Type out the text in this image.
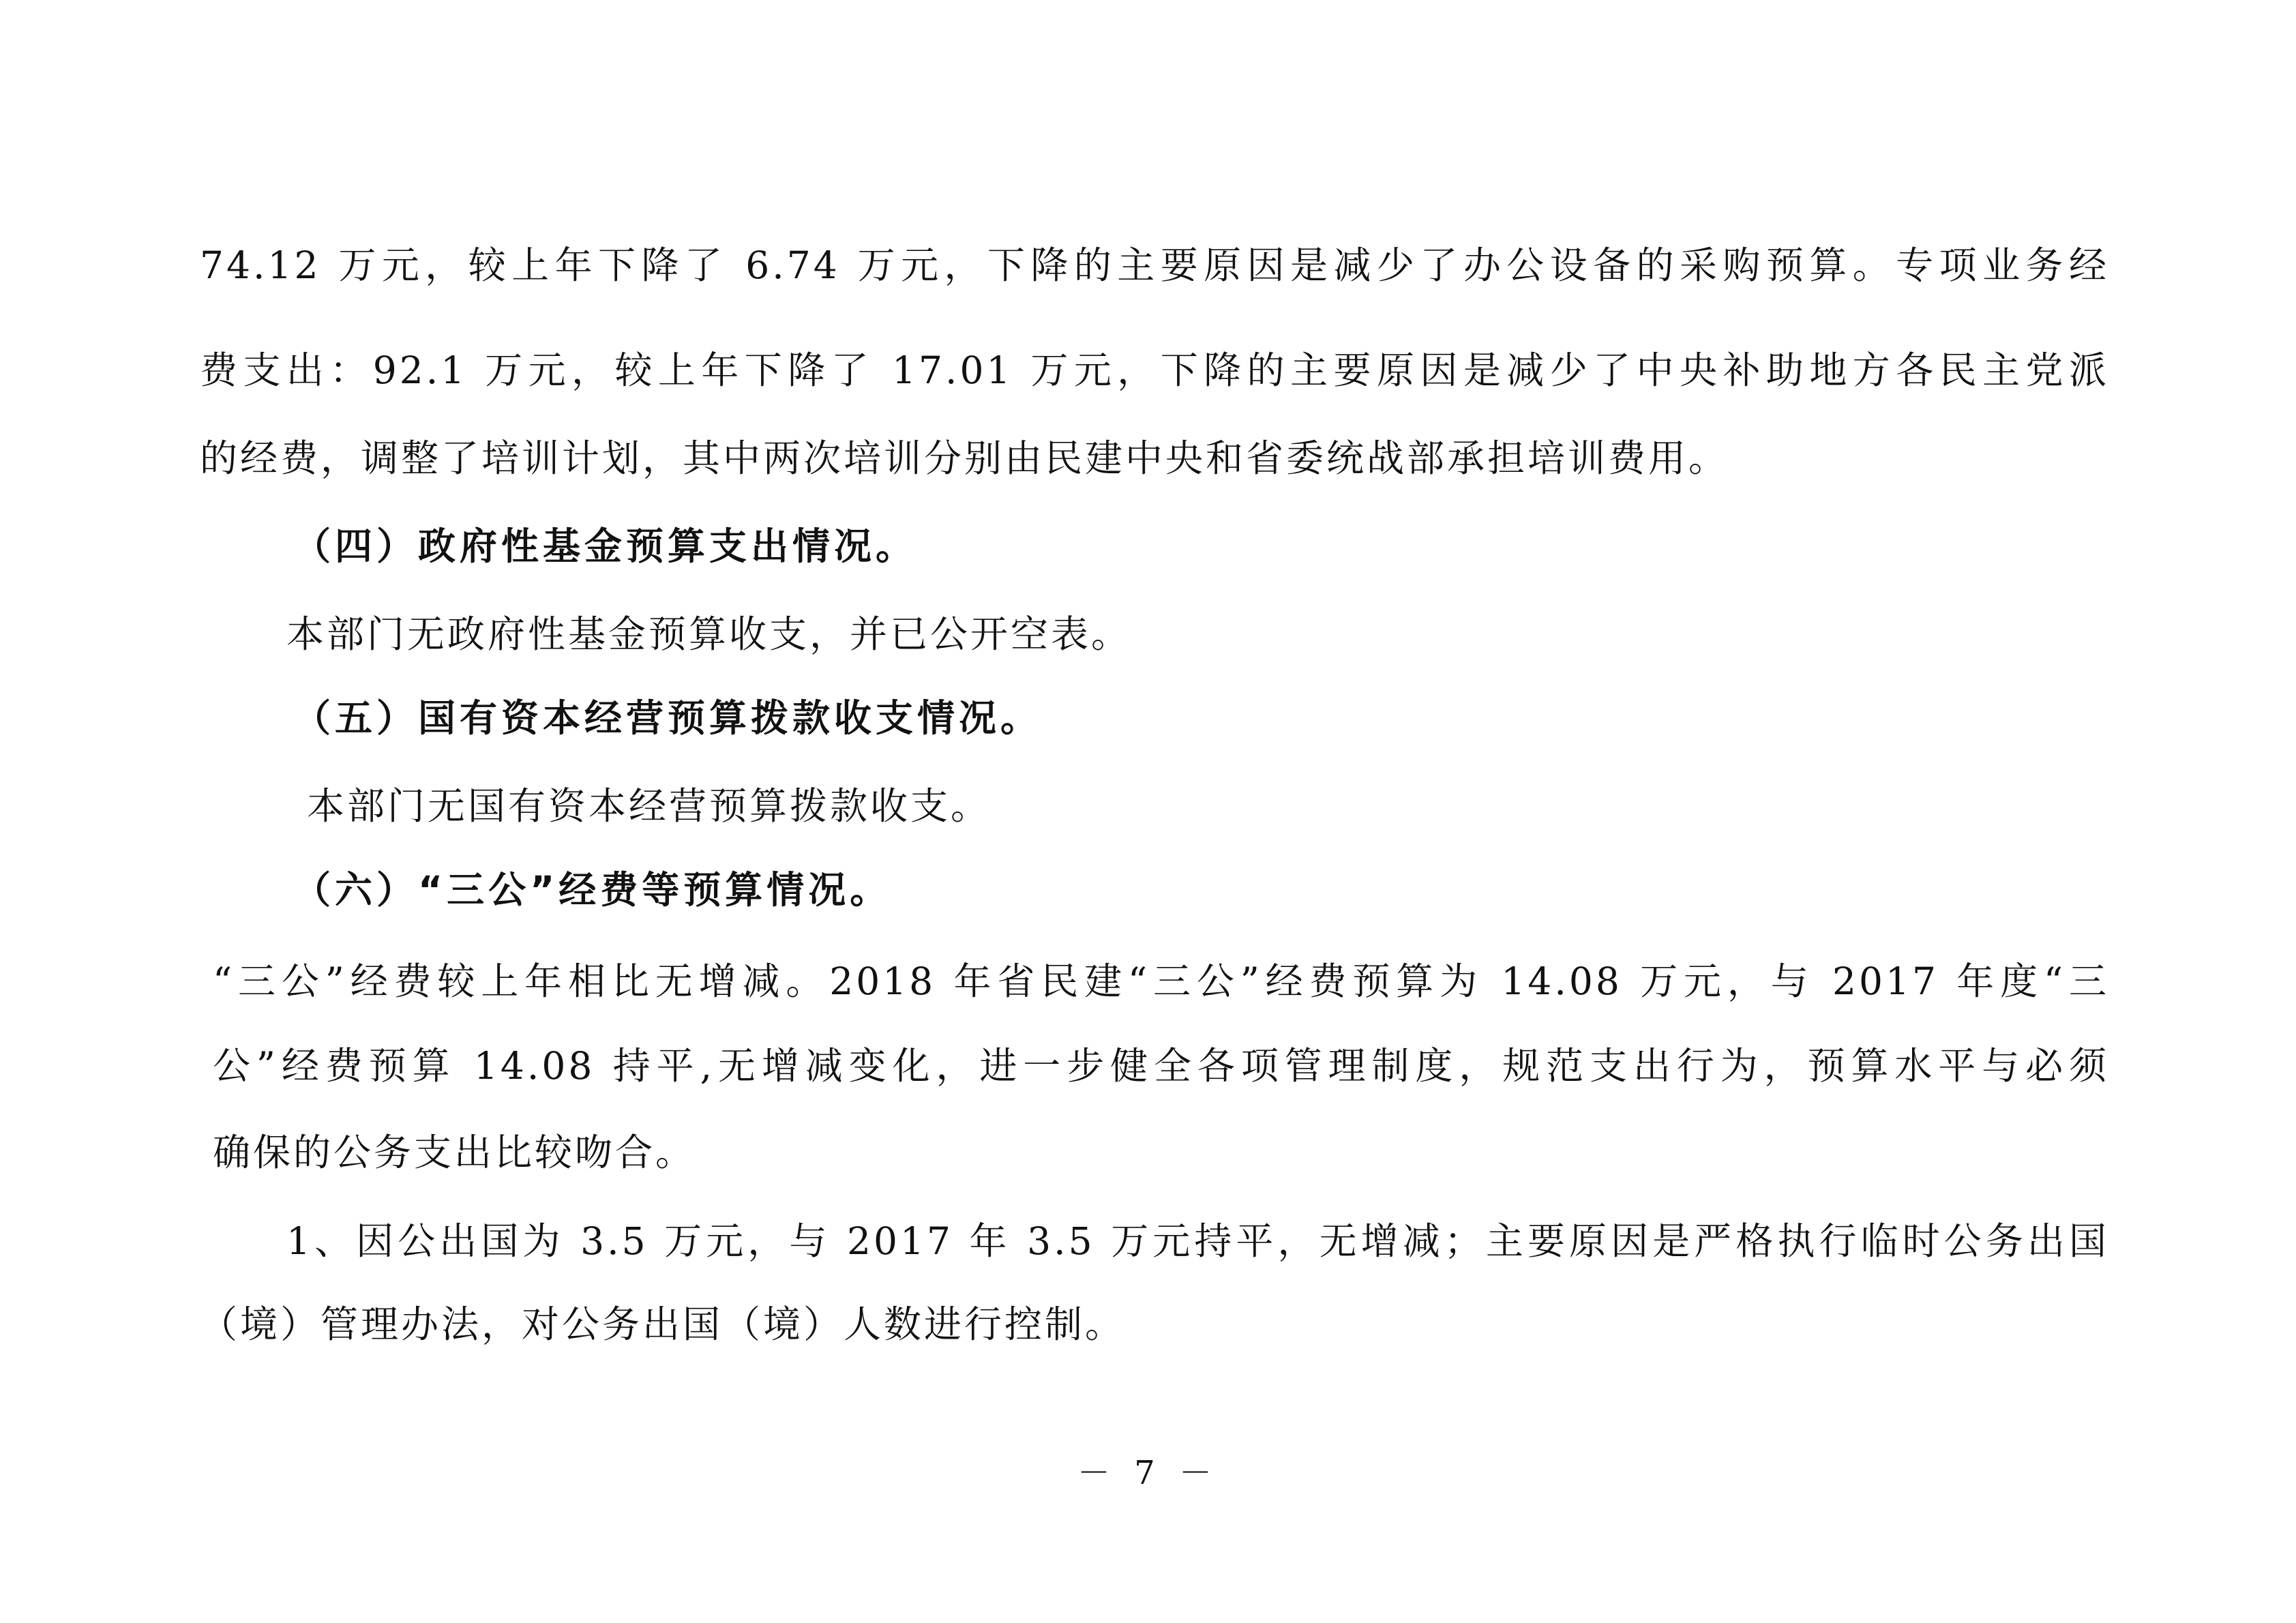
74.12 万元，较上年下降了 6.74 万元，下降的主要原因是减少了办公设备的采购预算。专项业务经
费支出：92.1 万元，较上年下降了 17.01 万元，下降的主要原因是减少了中央补助地方各民主党派
的经费，调整了培训计划，其中两次培训分别由民建中央和省委统战部承担培训费用。
（四）政府性基金预算支出情况。
本部门无政府性基金预算收支，并已公开空表。
（五）国有资本经营预算拨款收支情况。
本部门无国有资本经营预算拨款收支。
（六）“三公”经费等预算情况。
“三公”经费较上年相比无增减。2018 年省民建“三公”经费预算为 14.08 万元，与 2017 年度“三
公”经费预算 14.08 持平,无增减变化，进一步健全各项管理制度，规范支出行为，预算水平与必须
确保的公务支出比较吻合。
1、因公出国为 3.5 万元，与 2017 年 3.5 万元持平，无增减；主要原因是严格执行临时公务出国
（境）管理办法，对公务出国（境）人数进行控制。
－ 7 －
